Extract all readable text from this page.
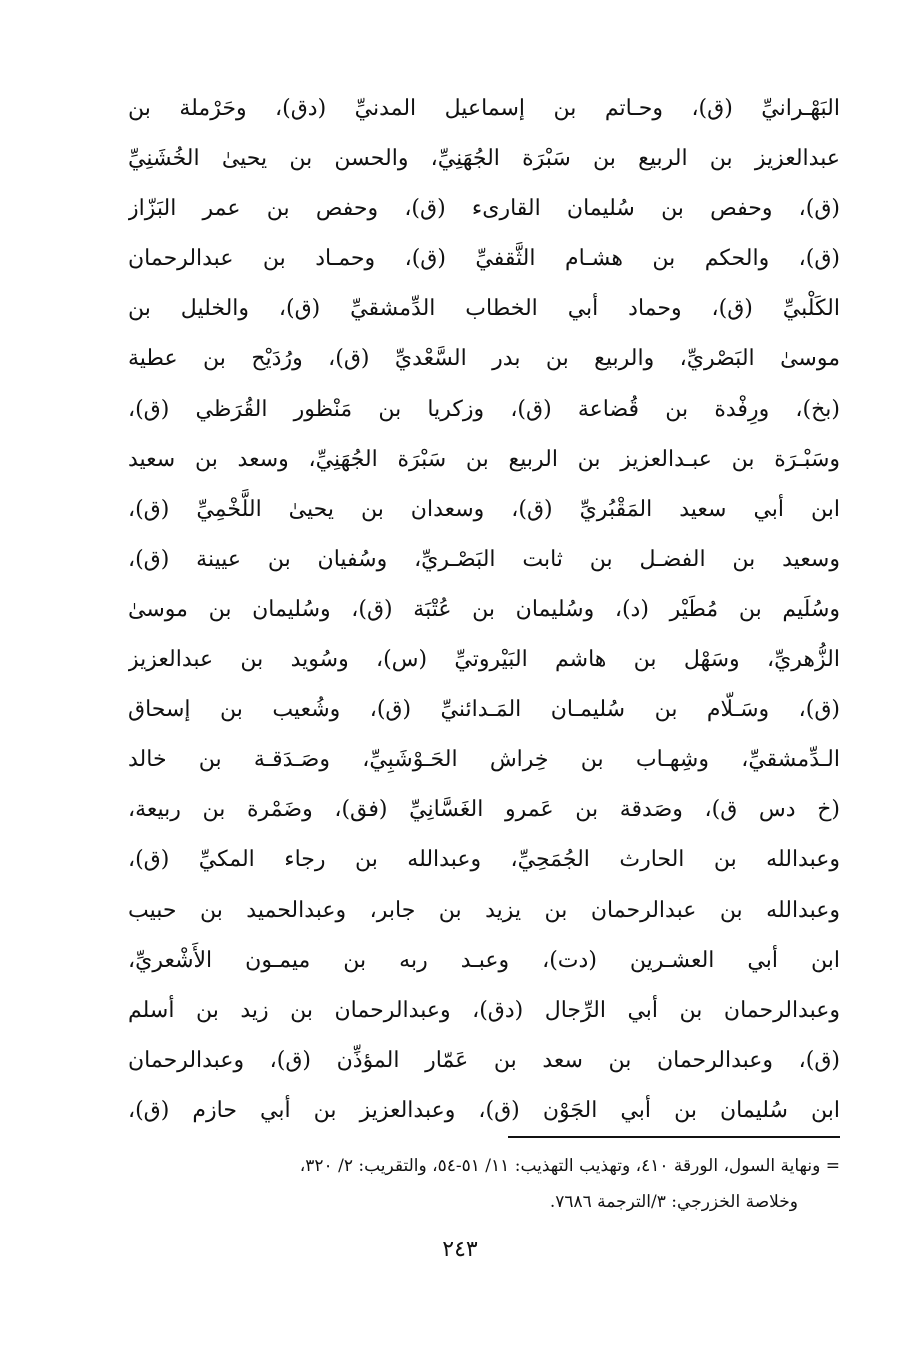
البَهْـرانيِّ (ق)، وحـاتم بن إسماعيل المدنيِّ (دق)، وحَرْملة بن
عبدالعزيز بن الربيع بن سَبْرَة الجُهَنِيِّ، والحسن بن يحيىٰ الخُشَنِيِّ
(ق)، وحفص بن سُليمان القارىء (ق)، وحفص بن عمر البَزّاز
(ق)، والحكم بن هشـام الثَّقفيِّ (ق)، وحمـاد بن عبدالرحمان
الكَلْبيِّ (ق)، وحماد أبي الخطاب الدِّمشقيِّ (ق)، والخليل بن
موسىٰ البَصْريِّ، والربيع بن بدر السَّعْديِّ (ق)، ورُدَيْح بن عطية
(بخ)، ورِفْدة بن قُضاعة (ق)، وزكريا بن مَنْظور القُرَظي (ق)،
وسَبْـرَة بن عبـدالعزيز بن الربيع بن سَبْرَة الجُهَنِيِّ، وسعد بن سعيد
ابن أبي سعيد المَقْبُريِّ (ق)، وسعدان بن يحيىٰ اللَّخْمِيِّ (ق)،
وسعيد بن الفضـل بن ثابت البَصْـريِّ، وسُفيان بن عيينة (ق)،
وسُلَيم بن مُطَيْر (د)، وسُليمان بن عُتْبَة (ق)، وسُليمان بن موسىٰ
الزُّهريِّ، وسَهْل بن هاشم البَيْروتيِّ (س)، وسُويد بن عبدالعزيز
(ق)، وسَـلّام بن سُليمـان المَـدائنيِّ (ق)، وشُعيب بن إسحاق
الـدِّمشقيِّ، وشِهـاب بن خِراش الحَـوْشَبِيِّ، وصَـدَقـة بن خالد
(خ دس ق)، وصَدقة بن عَمرو الغَسَّانِيِّ (فق)، وضَمْرة بن ربيعة،
وعبدالله بن الحارث الجُمَحِيِّ، وعبدالله بن رجاء المكيِّ (ق)،
وعبدالله بن عبدالرحمان بن يزيد بن جابر، وعبدالحميد بن حبيب
ابن أبي العشـرين (دت)، وعبـد ربه بن ميمـون الأَشْعريِّ،
وعبدالرحمان بن أبي الرِّجال (دق)، وعبدالرحمان بن زيد بن أسلم
(ق)، وعبدالرحمان بن سعد بن عَمّار المؤذِّن (ق)، وعبدالرحمان
ابن سُليمان بن أبي الجَوْن (ق)، وعبدالعزيز بن أبي حازم (ق)،
= ونهاية السول، الورقة ٤١٠، وتهذيب التهذيب: ١١/ ٥١-٥٤، والتقريب: ٢/ ٣٢٠،
وخلاصة الخزرجي: ٣/الترجمة ٧٦٨٦.
٢٤٣
